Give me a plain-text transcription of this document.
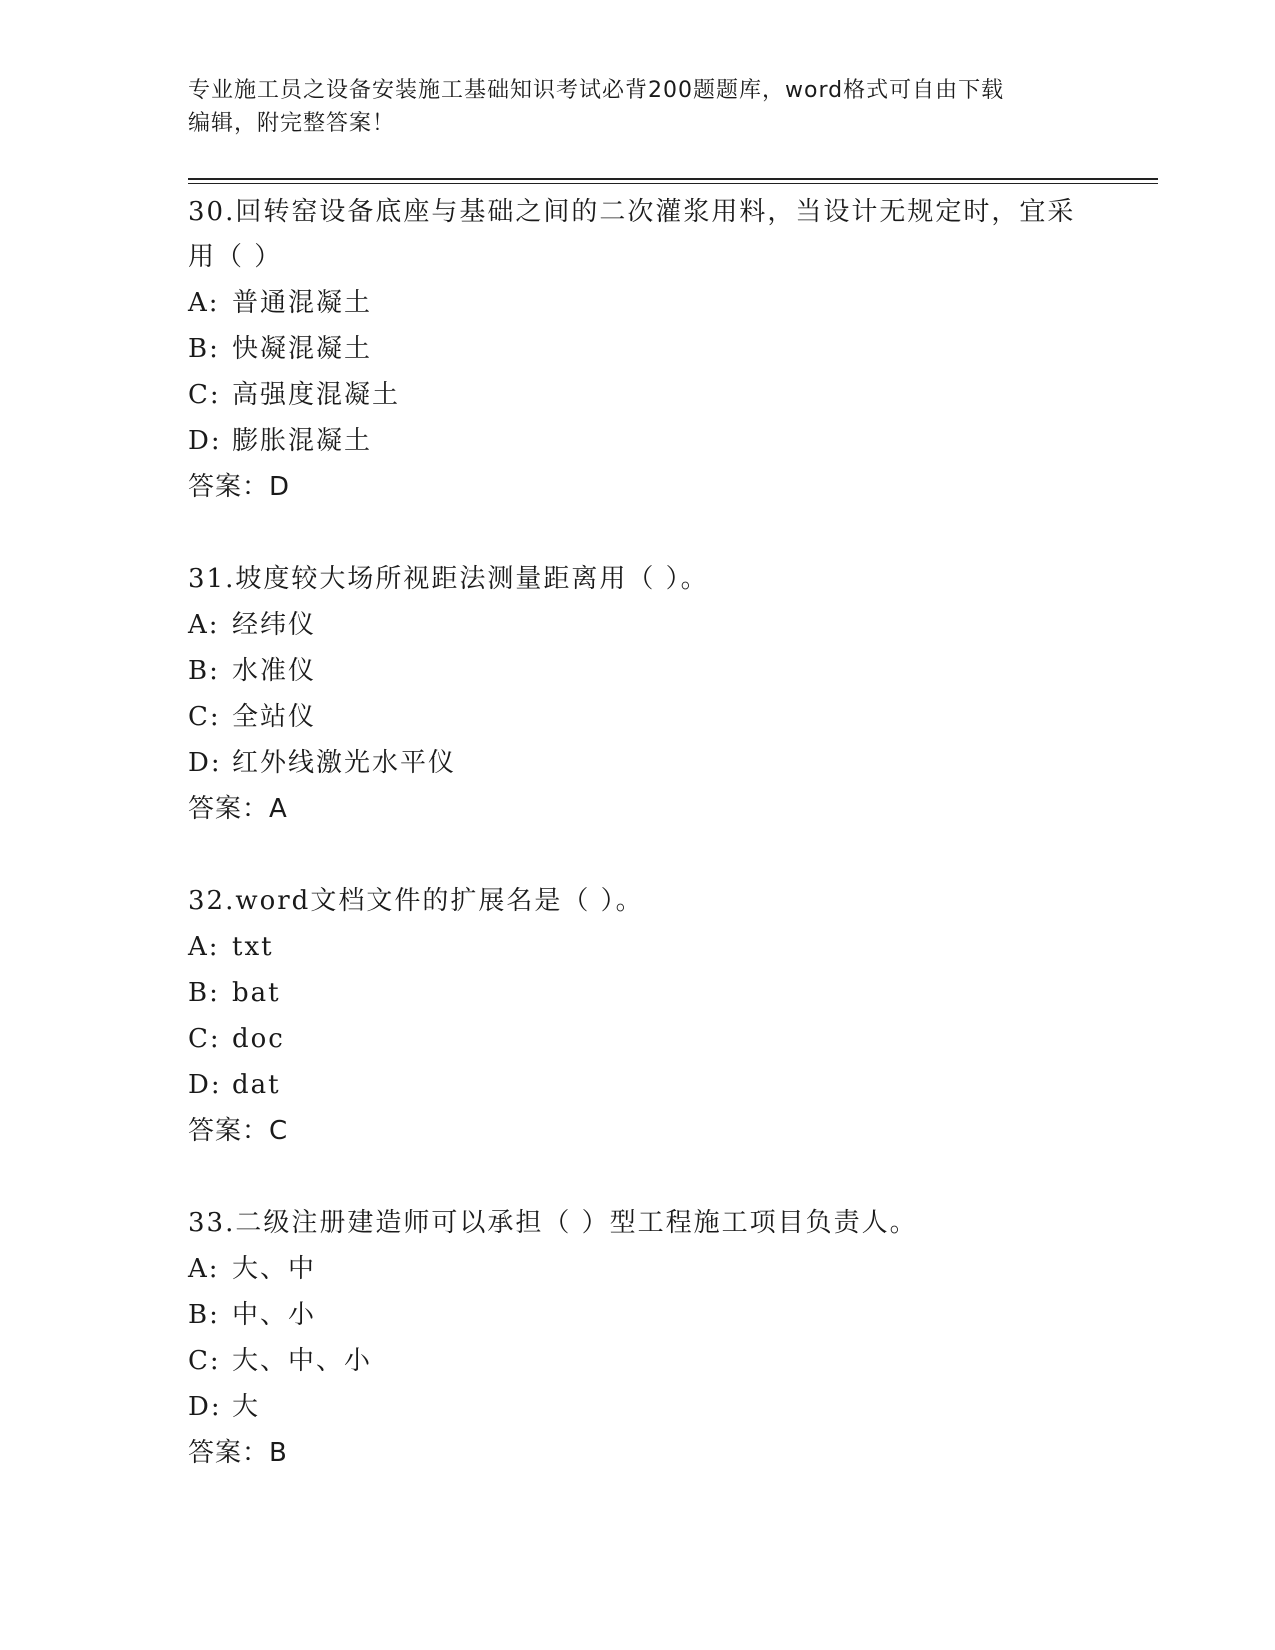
专业施工员之设备安装施工基础知识考试必背200题题库，word格式可自由下载
编辑，附完整答案！

30.回转窑设备底座与基础之间的二次灌浆用料，当设计无规定时，宜采用（ ）

A: 普通混凝土
B: 快凝混凝土
C: 高强度混凝土
D: 膨胀混凝土

答案：D

31.坡度较大场所视距法测量距离用（ ）。

A: 经纬仪
B: 水准仪
C: 全站仪
D: 红外线激光水平仪

答案：A

32.word文档文件的扩展名是（ ）。

A: txt
B: bat
C: doc
D: dat

答案：C

33.二级注册建造师可以承担（ ）型工程施工项目负责人。

A: 大、中
B: 中、小
C: 大、中、小
D: 大

答案：B
